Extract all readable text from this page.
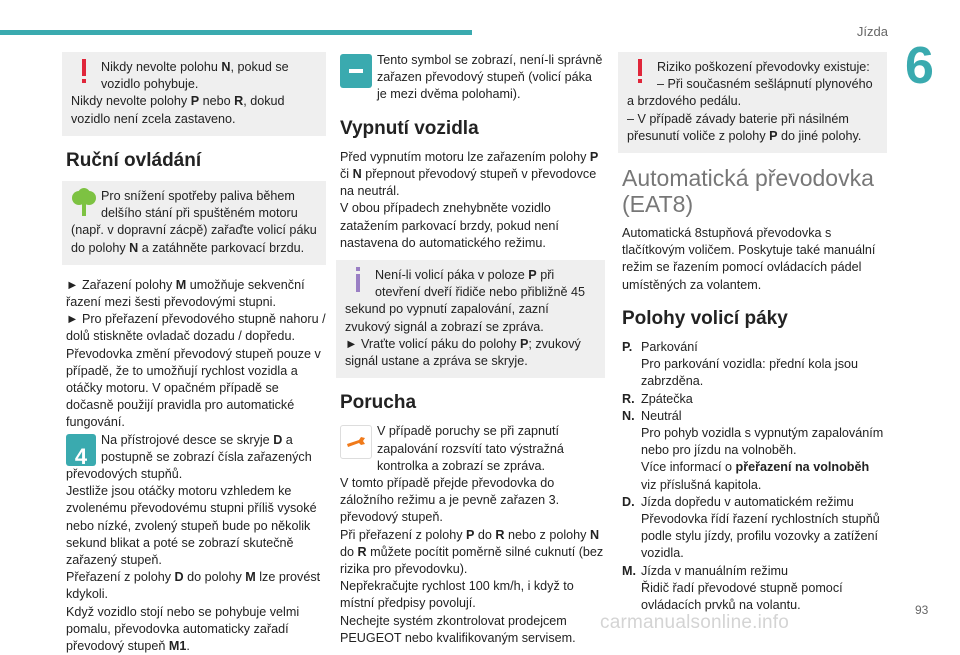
Jízda
6

Nikdy nevolte polohu N, pokud se vozidlo pohybuje.

Nikdy nevolte polohy P nebo R, dokud vozidlo není zcela zastaveno.

Ruční ovládání

Pro snížení spotřeby paliva během delšího stání při spuštěném motoru (např. v dopravní zácpě) zařaďte volicí páku do polohy N a zatáhněte parkovací brzdu.

► Zařazení polohy M umožňuje sekvenční řazení mezi šesti převodovými stupni.

► Pro přeřazení převodového stupně nahoru / dolů stiskněte ovladač dozadu / dopředu.

Převodovka změní převodový stupeň pouze v případě, že to umožňují rychlost vozidla a otáčky motoru. V opačném případě se dočasně použijí pravidla pro automatické fungování.

4

Na přístrojové desce se skryje D a postupně se zobrazí čísla zařazených převodových stupňů.

Jestliže jsou otáčky motoru vzhledem ke zvolenému převodovému stupni příliš vysoké nebo nízké, zvolený stupeň bude po několik sekund blikat a poté se zobrazí skutečně zařazený stupeň.

Přeřazení z polohy D do polohy M lze provést kdykoli.

Když vozidlo stojí nebo se pohybuje velmi pomalu, převodovka automaticky zařadí převodový stupeň M1.

Tento symbol se zobrazí, není-li správně zařazen převodový stupeň (volicí páka je mezi dvěma polohami).

Vypnutí vozidla

Před vypnutím motoru lze zařazením polohy P či N přepnout převodový stupeň v převodovce na neutrál.

V obou případech znehybněte vozidlo zatažením parkovací brzdy, pokud není nastavena do automatického režimu.

Není-li volicí páka v poloze P při otevření dveří řidiče nebo přibližně 45 sekund po vypnutí zapalování, zazní zvukový signál a zobrazí se zpráva.

► Vraťte volicí páku do polohy P; zvukový signál ustane a zpráva se skryje.

Porucha

V případě poruchy se při zapnutí zapalování rozsvítí tato výstražná kontrolka a zobrazí se zpráva.

V tomto případě přejde převodovka do záložního režimu a je pevně zařazen 3. převodový stupeň.

Při přeřazení z polohy P do R nebo z polohy N do R můžete pocítit poměrně silné cuknutí (bez rizika pro převodovku).

Nepřekračujte rychlost 100 km/h, i když to místní předpisy povolují.

Nechejte systém zkontrolovat prodejcem PEUGEOT nebo kvalifikovaným servisem.

Riziko poškození převodovky existuje:

– Při současném sešlápnutí plynového a brzdového pedálu.

– V případě závady baterie při násilném přesunutí voliče z polohy P do jiné polohy.

Automatická převodovka (EAT8)

Automatická 8stupňová převodovka s tlačítkovým voličem. Poskytuje také manuální režim se řazením pomocí ovládacích pádel umístěných za volantem.

Polohy volicí páky
P. Parkování

Pro parkování vozidla: přední kola jsou zabrzděna.

R. Zpátečka

N. Neutrál

Pro pohyb vozidla s vypnutým zapalováním nebo pro jízdu na volnoběh.

Více informací o přeřazení na volnoběh viz příslušná kapitola.

D. Jízda dopředu v automatickém režimu

Převodovka řídí řazení rychlostních stupňů podle stylu jízdy, profilu vozovky a zatížení vozidla.

M. Jízda v manuálním režimu

Řidič řadí převodové stupně pomocí ovládacích prvků na volantu.	93
carmanualsonline.info
